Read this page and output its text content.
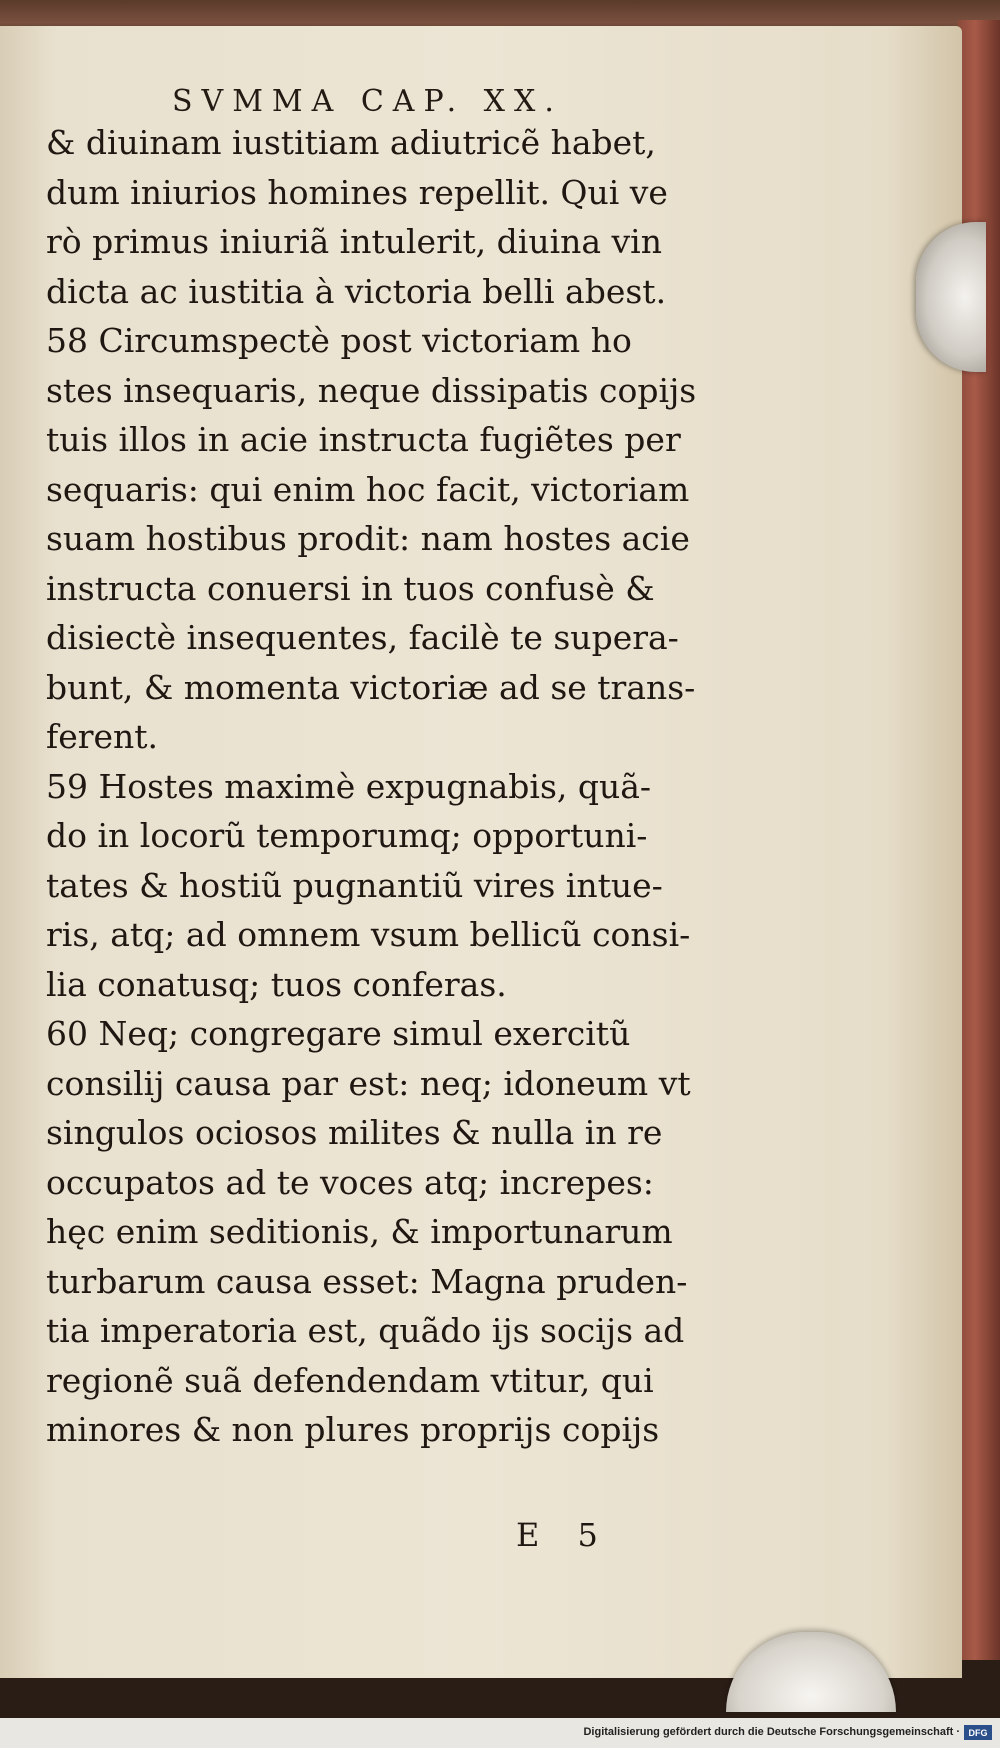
SVMMA CAP. XX.
& diuinam iustitiam adiutricẽ habet,
dum iniurios homines repellit. Qui ve
rò primus iniuriã intulerit, diuina vin
dicta ac iustitia à victoria belli abest.
58 Circumspectè post victoriam ho
stes insequaris, neque dissipatis copijs
tuis illos in acie instructa fugiẽtes per
sequaris: qui enim hoc facit, victoriam
suam hostibus prodit: nam hostes acie
instructa conuersi in tuos confusè &
disiectè insequentes, facilè te supera-
bunt, & momenta victoriæ ad se trans-
ferent.
59 Hostes maximè expugnabis, quã-
do in locorũ temporumq; opportuni-
tates & hostiũ pugnantiũ vires intue-
ris, atq; ad omnem vsum bellicũ consi-
lia conatusq; tuos conferas.
60 Neq; congregare simul exercitũ
consilij causa par est: neq; idoneum vt
singulos ociosos milites & nulla in re
occupatos ad te voces atq; increpes:
hęc enim seditionis, & importunarum
turbarum causa esset: Magna pruden-
tia imperatoria est, quãdo ijs socijs ad
regionẽ suã defendendam vtitur, qui
minores & non plures proprijs copijs
E 5
Digitalisierung gefördert durch die Deutsche Forschungsgemeinschaft · DFG
